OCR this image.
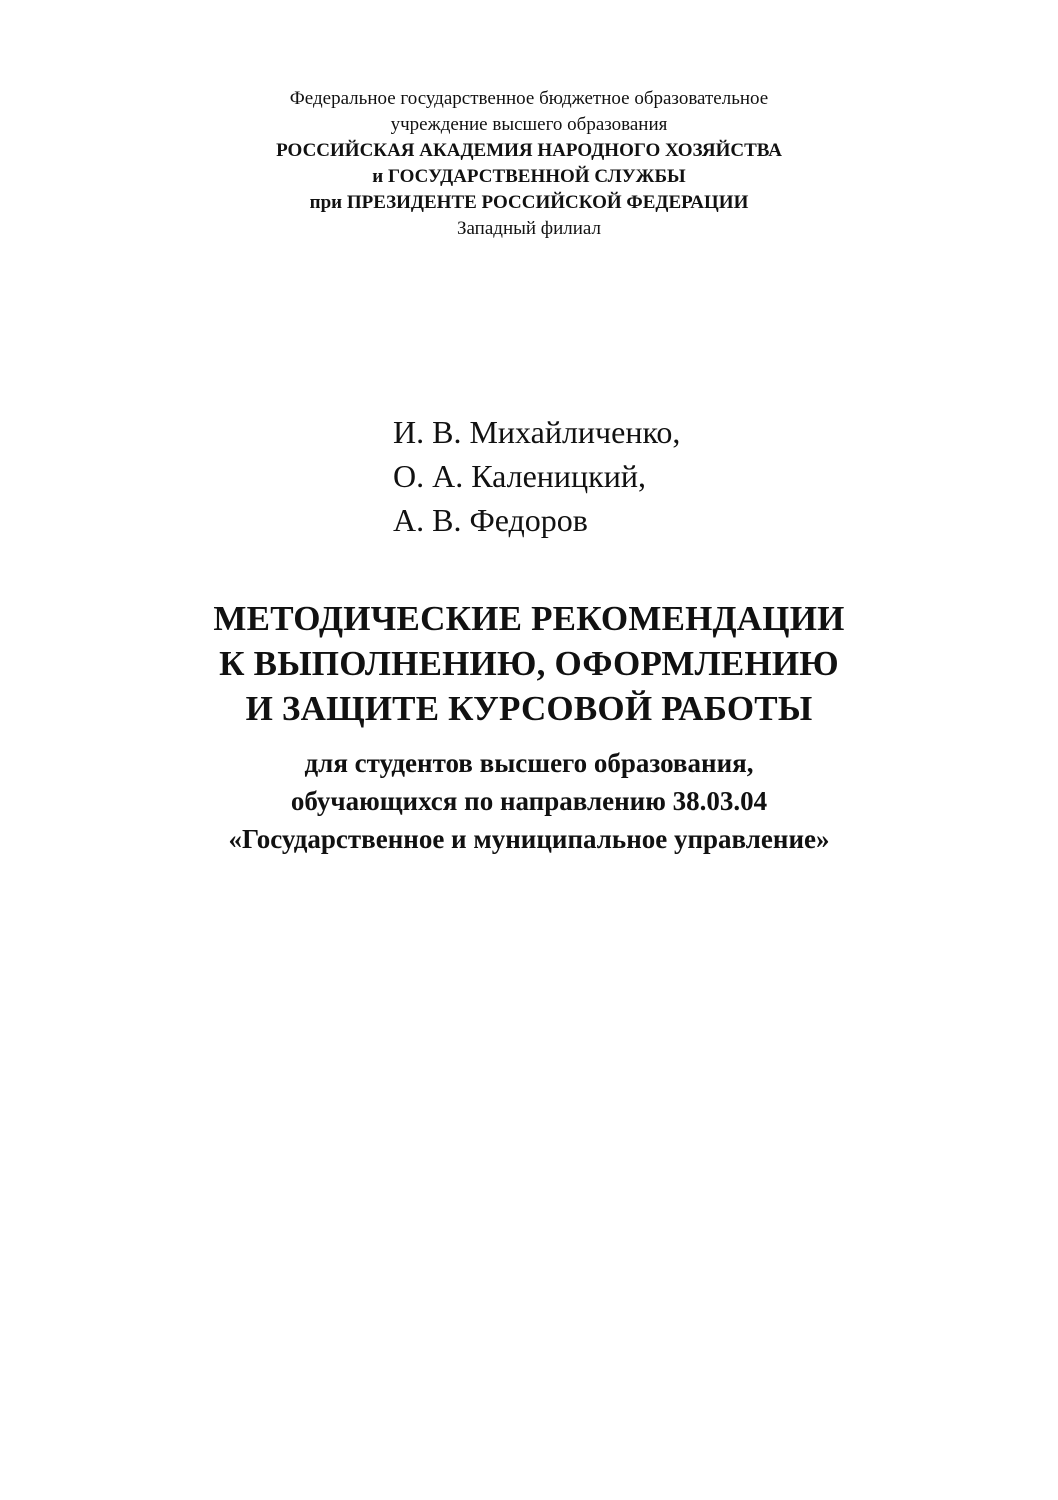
Федеральное государственное бюджетное образовательное
учреждение высшего образования
РОССИЙСКАЯ АКАДЕМИЯ НАРОДНОГО ХОЗЯЙСТВА
и ГОСУДАРСТВЕННОЙ СЛУЖБЫ
при ПРЕЗИДЕНТЕ РОССИЙСКОЙ ФЕДЕРАЦИИ
Западный филиал
И. В. Михайличенко,
О. А. Каленицкий,
А. В. Федоров
МЕТОДИЧЕСКИЕ РЕКОМЕНДАЦИИ
К ВЫПОЛНЕНИЮ, ОФОРМЛЕНИЮ
И ЗАЩИТЕ КУРСОВОЙ РАБОТЫ
для студентов высшего образования,
обучающихся по направлению 38.03.04
«Государственное и муниципальное управление»
